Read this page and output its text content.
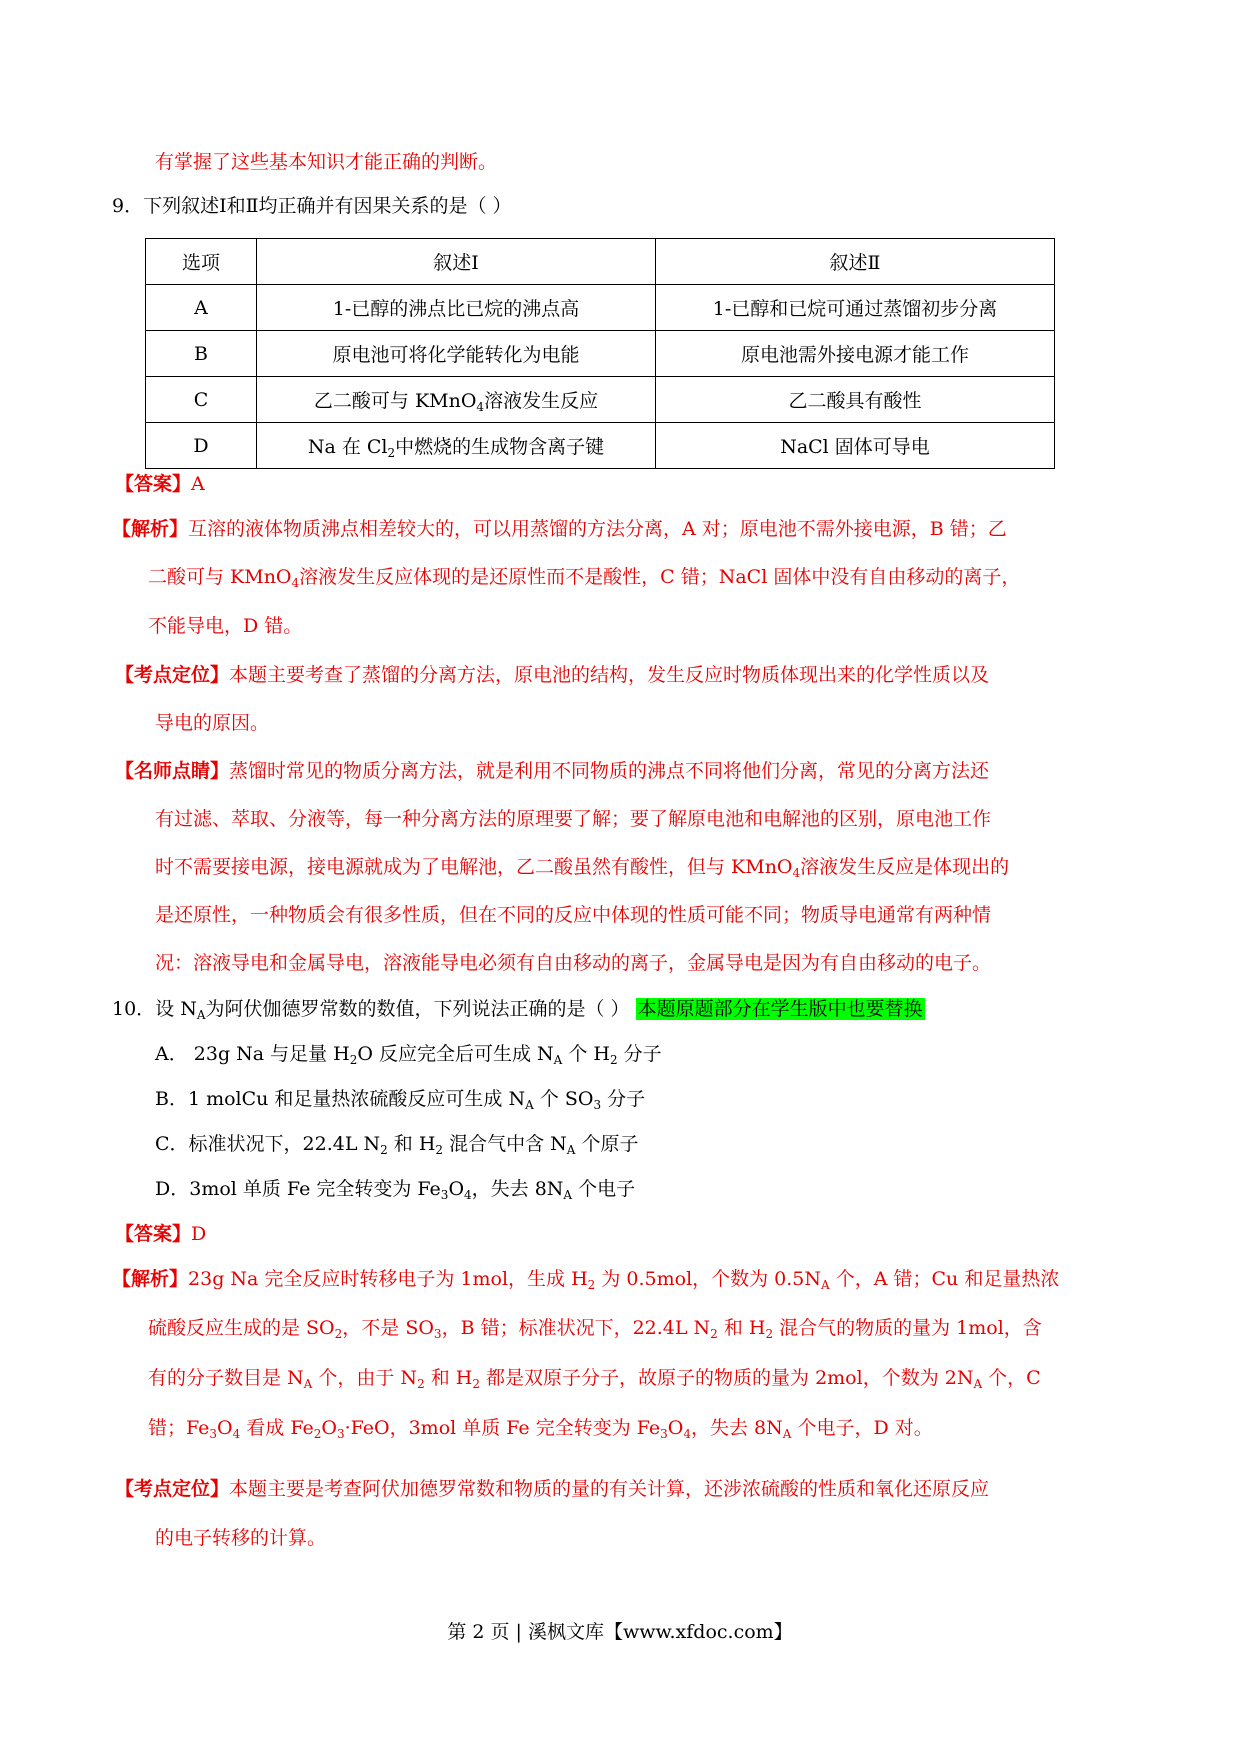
有掌握了这些基本知识才能正确的判断。
9．下列叙述Ⅰ和Ⅱ均正确并有因果关系的是（ ）
选项	叙述Ⅰ	叙述Ⅱ
A	1-已醇的沸点比已烷的沸点高	1-已醇和已烷可通过蒸馏初步分离
B	原电池可将化学能转化为电能	原电池需外接电源才能工作
C	乙二酸可与 KMnO$_4$溶液发生反应	乙二酸具有酸性
D	Na 在 $Cl_2$中燃烧的生成物含离子键	NaCl 固体可导电
【答案】A
【解析】互溶的液体物质沸点相差较大的，可以用蒸馏的方法分离，A 对；原电池不需外接电源，B 错；乙
二酸可与 KMnO$_4$溶液发生反应体现的是还原性而不是酸性，C 错；NaCl 固体中没有自由移动的离子，
不能导电，D 错。
【考点定位】本题主要考查了蒸馏的分离方法，原电池的结构，发生反应时物质体现出来的化学性质以及
导电的原因。
【名师点睛】蒸馏时常见的物质分离方法，就是利用不同物质的沸点不同将他们分离，常见的分离方法还
有过滤、萃取、分液等，每一种分离方法的原理要了解；要了解原电池和电解池的区别，原电池工作
时不需要接电源，接电源就成为了电解池，乙二酸虽然有酸性，但与 KMnO$_4$溶液发生反应是体现出的
是还原性，一种物质会有很多性质，但在不同的反应中体现的性质可能不同；物质导电通常有两种情
况：溶液导电和金属导电，溶液能导电必须有自由移动的离子，金属导电是因为有自由移动的电子。
10．设 $N_A$为阿伏伽德罗常数的数值，下列说法正确的是（ ） 本题原题部分在学生版中也要替换
A． 23g Na 与足量 $H_2O$ 反应完全后可生成 $N_A$ 个 $H_2$ 分子
B．1 molCu 和足量热浓硫酸反应可生成 $N_A$ 个 $SO_3$ 分子
C．标准状况下，22.4L $N_2$ 和 $H_2$ 混合气中含 $N_A$ 个原子
D．3mol 单质 Fe 完全转变为 $Fe_3O_4$，失去 $8N_A$ 个电子
【答案】D
【解析】23g Na 完全反应时转移电子为 1mol，生成 $H_2$ 为 0.5mol，个数为 $0.5N_A$ 个，A 错；Cu 和足量热浓
硫酸反应生成的是 $SO_2$，不是 $SO_3$，B 错；标准状况下，22.4L $N_2$ 和 $H_2$ 混合气的物质的量为 1mol，含
有的分子数目是 $N_A$ 个，由于 $N_2$ 和 $H_2$ 都是双原子分子，故原子的物质的量为 2mol，个数为 $2N_A$ 个，C
错；$Fe_3O_4$ 看成 $Fe_2O_3\cdot FeO$，3mol 单质 Fe 完全转变为 $Fe_3O_4$，失去 $8N_A$ 个电子，D 对。
【考点定位】本题主要是考查阿伏加德罗常数和物质的量的有关计算，还涉浓硫酸的性质和氧化还原反应
的电子转移的计算。
第 2 页 | 溪枫文库【www.xfdoc.com】
